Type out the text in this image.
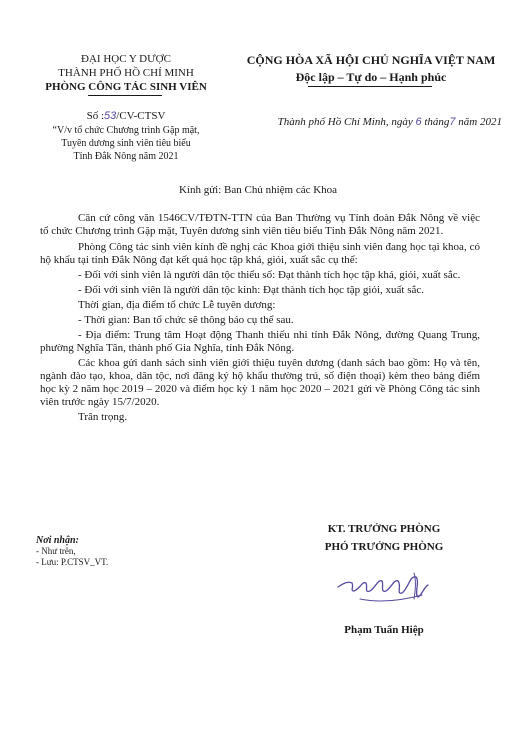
ĐẠI HỌC Y DƯỢC
THÀNH PHỐ HỒ CHÍ MINH
PHÒNG CÔNG TÁC SINH VIÊN
CỘNG HÒA XÃ HỘI CHỦ NGHĨA VIỆT NAM
Độc lập – Tự do – Hạnh phúc
Số :53/CV-CTSV
“V/v tổ chức Chương trình Gặp mặt,
Tuyên dương sinh viên tiêu biểu
Tỉnh Đắk Nông năm 2021
Thành phố Hồ Chí Minh, ngày 6 tháng7 năm 2021
Kính gửi: Ban Chủ nhiệm các Khoa

Căn cứ công văn 1546CV/TĐTN-TTN của Ban Thường vụ Tỉnh đoàn Đắk Nông về việc tổ chức Chương trình Gặp mặt, Tuyên dương sinh viên tiêu biểu Tỉnh Đắk Nông năm 2021.

Phòng Công tác sinh viên kính đề nghị các Khoa giới thiệu sinh viên đang học tại khoa, có hộ khẩu tại tỉnh Đắk Nông đạt kết quả học tập khá, giỏi, xuất sắc cụ thể:

- Đối với sinh viên là người dân tộc thiểu số: Đạt thành tích học tập khá, giỏi, xuất sắc.

- Đối với sinh viên là người dân tộc kinh: Đạt thành tích học tập giỏi, xuất sắc.

Thời gian, địa điểm tổ chức Lễ tuyên dương:

- Thời gian: Ban tổ chức sẽ thông báo cụ thể sau.

- Địa điểm: Trung tâm Hoạt động Thanh thiếu nhi tỉnh Đắk Nông, đường Quang Trung, phường Nghĩa Tân, thành phố Gia Nghĩa, tỉnh Đắk Nông.

Các khoa gửi danh sách sinh viên giới thiệu tuyên dương (danh sách bao gồm: Họ và tên, ngành đào tạo, khoa, dân tộc, nơi đăng ký hộ khẩu thường trú, số điện thoại) kèm theo bảng điểm học kỳ 2 năm học 2019 – 2020 và điểm học kỳ 1 năm học 2020 – 2021 gửi về Phòng Công tác sinh viên trước ngày 15/7/2020.

Trân trọng.

Nơi nhận:
- Như trên,
- Lưu: P.CTSV_VT.
KT. TRƯỞNG PHÒNG
PHÓ TRƯỞNG PHÒNG
Phạm Tuấn Hiệp
